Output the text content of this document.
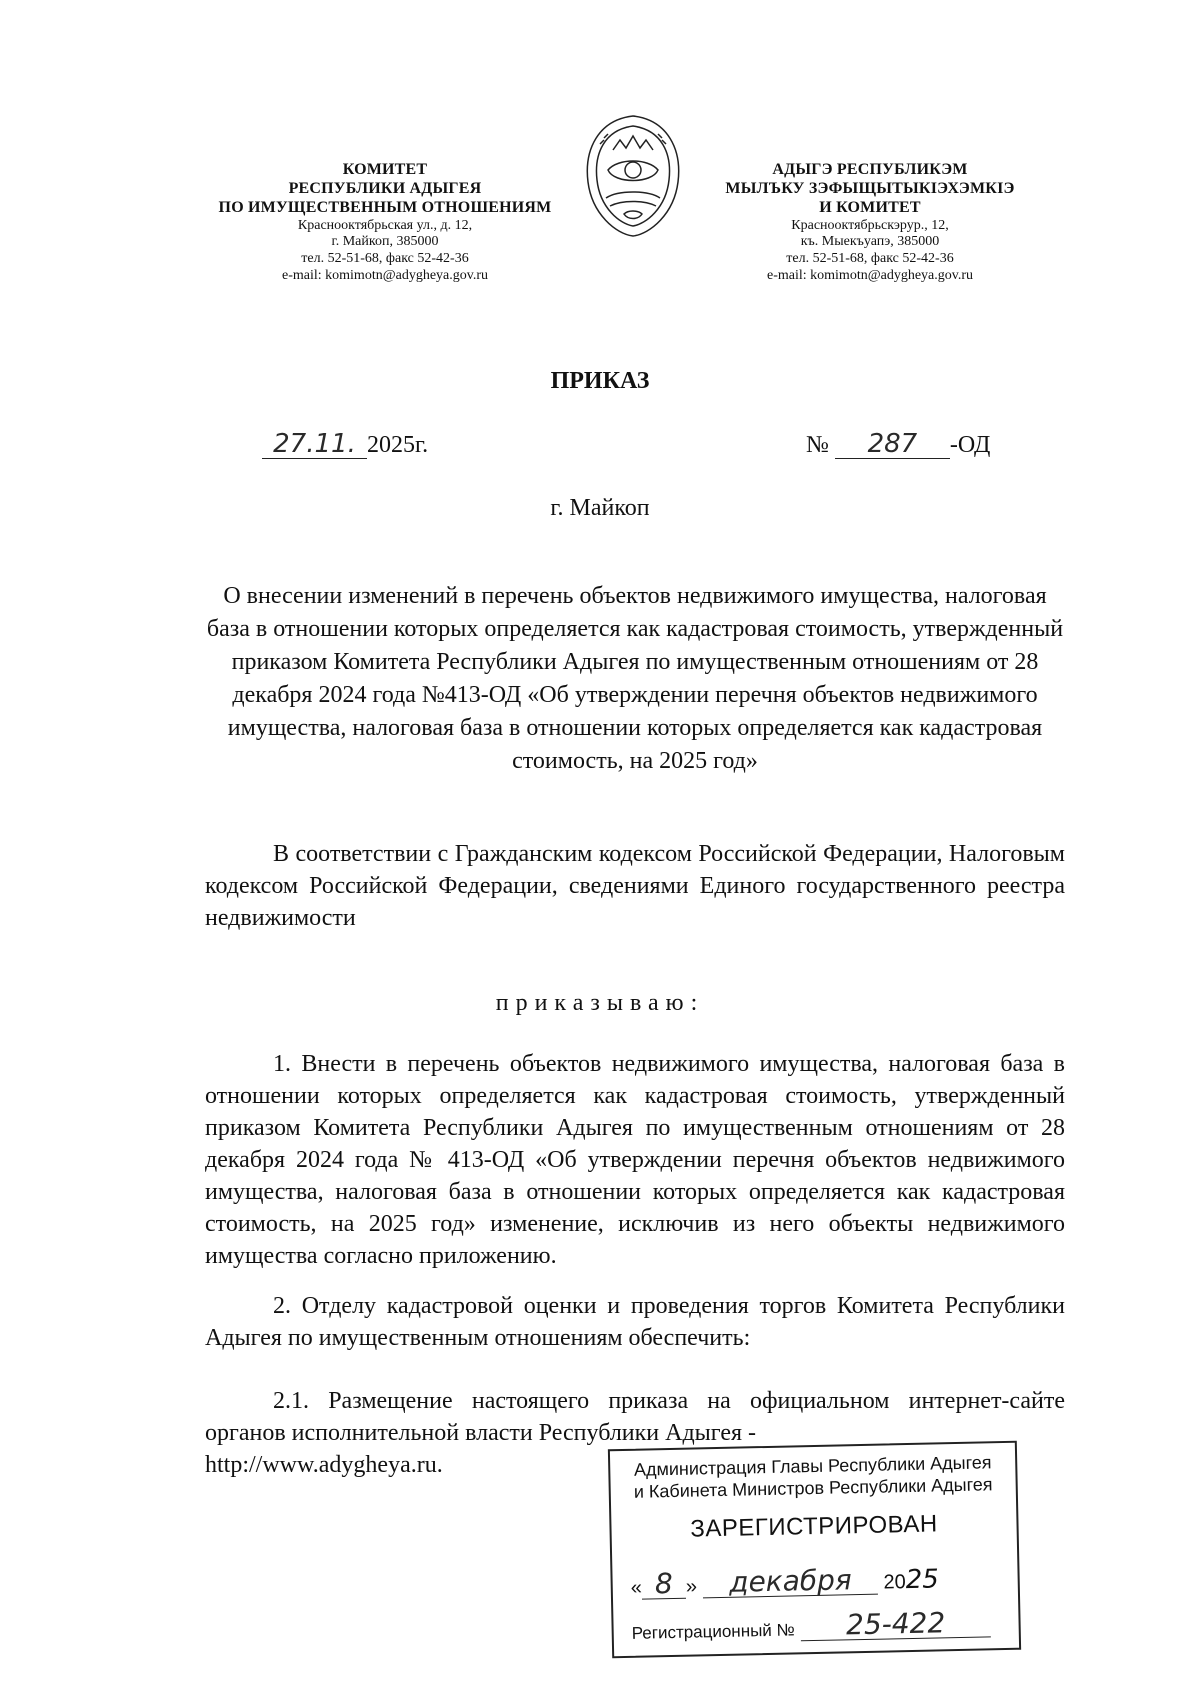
КОМИТЕТ
РЕСПУБЛИКИ АДЫГЕЯ
ПО ИМУЩЕСТВЕННЫМ ОТНОШЕНИЯМ
Краснооктябрьская ул., д. 12,
г. Майкоп, 385000
тел. 52-51-68, факс 52-42-36
e-mail: komimotn@adygheya.gov.ru
АДЫГЭ РЕСПУБЛИКЭМ
МЫЛЪКУ ЗЭФЫЩЫТЫКІЭХЭМКІЭ
И КОМИТЕТ
Краснооктябрьскэрур., 12,
къ. Мыекъуапэ, 385000
тел. 52-51-68, факс 52-42-36
e-mail: komimotn@adygheya.gov.ru
ПРИКАЗ
27.11. 2025г.	№ 287 -ОД
г. Майкоп
О внесении изменений в перечень объектов недвижимого имущества, налоговая база в отношении которых определяется как кадастровая стоимость, утвержденный приказом Комитета Республики Адыгея по имущественным отношениям от 28 декабря 2024 года №413-ОД «Об утверждении перечня объектов недвижимого имущества, налоговая база в отношении которых определяется как кадастровая стоимость, на 2025 год»
В соответствии с Гражданским кодексом Российской Федерации, Налоговым кодексом Российской Федерации, сведениями Единого государственного реестра недвижимости
приказываю:
1. Внести в перечень объектов недвижимого имущества, налоговая база в отношении которых определяется как кадастровая стоимость, утвержденный приказом Комитета Республики Адыгея по имущественным отношениям от 28 декабря 2024 года № 413-ОД «Об утверждении перечня объектов недвижимого имущества, налоговая база в отношении которых определяется как кадастровая стоимость, на 2025 год» изменение, исключив из него объекты недвижимого имущества согласно приложению.
2. Отделу кадастровой оценки и проведения торгов Комитета Республики Адыгея по имущественным отношениям обеспечить:
2.1. Размещение настоящего приказа на официальном интернет-сайте органов исполнительной власти Республики Адыгея -
http://www.adygheya.ru.	Администрация Главы Республики Адыгея
и Кабинета Министров Республики Адыгея
ЗАРЕГИСТРИРОВАН
« 8 » декабря 2025
Регистрационный № 25-422
